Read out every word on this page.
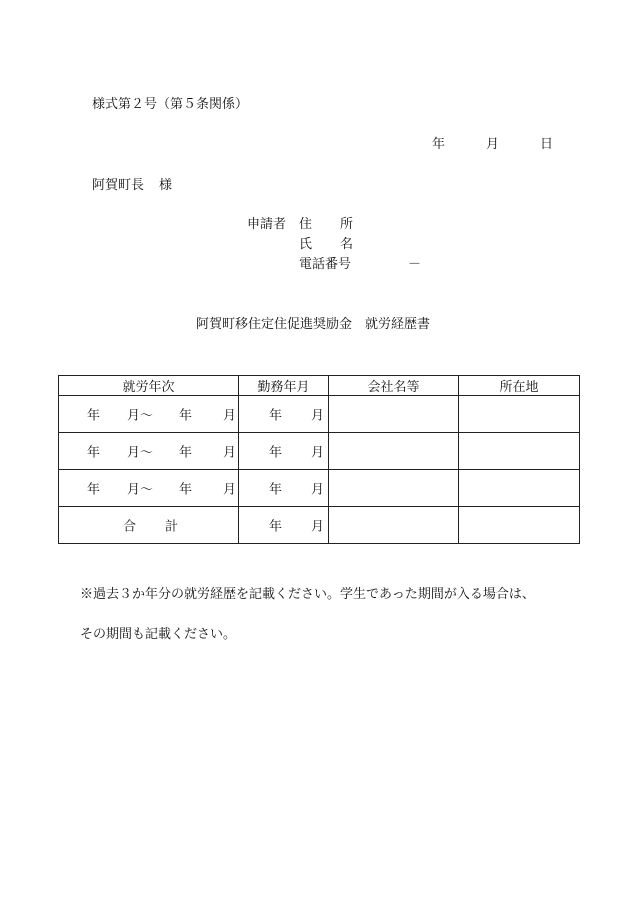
様式第２号（第５条関係）
年	月	日
阿賀町長 様
申請者 住 所
氏 名
電話番号	－
阿賀町移住定住促進奨励金　就労経歴書
就労年次	勤務年月	会社名等	所在地

年 月～ 年 月	年 月		

年 月～ 年 月	年 月		

年 月～ 年 月	年 月		

合 計	年 月		

※過去３か年分の就労経歴を記載ください。学生であった期間が入る場合は、
その期間も記載ください。
